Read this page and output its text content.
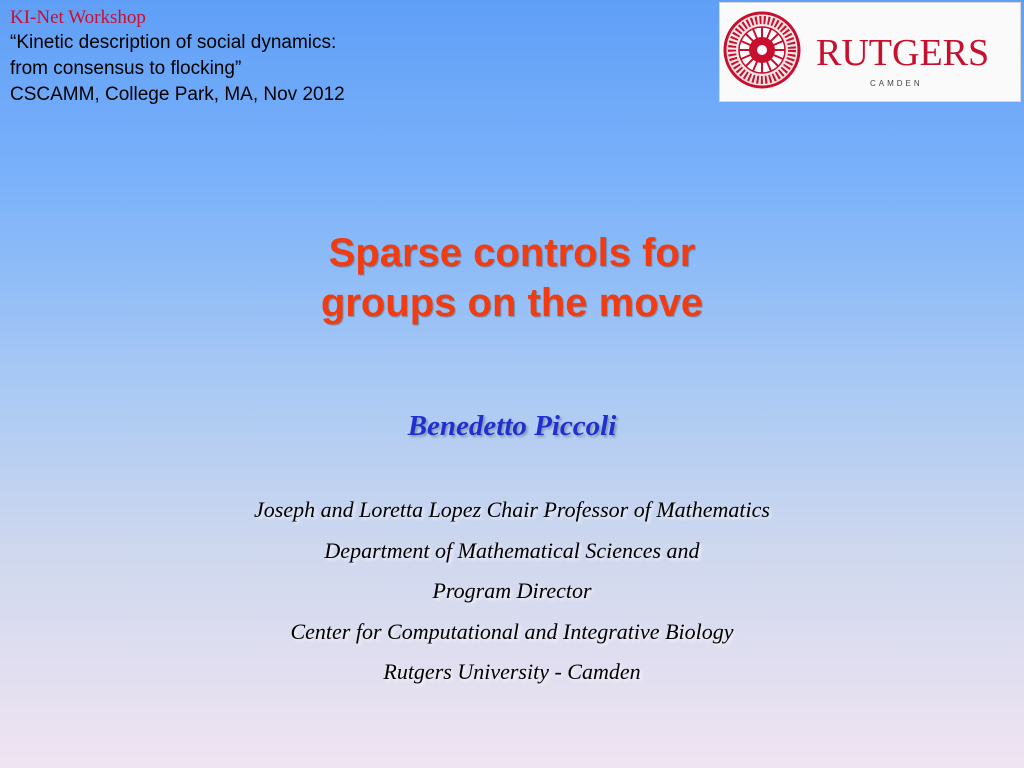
KI-Net Workshop

“Kinetic description of social dynamics:

from consensus to flocking”

CSCAMM, College Park, MA, Nov 2012

RUTGERS
CAMDEN
Sparse controls for
groups on the move
Benedetto Piccoli
Joseph and Loretta Lopez Chair Professor of Mathematics
Department of Mathematical Sciences and
Program Director
Center for Computational and Integrative Biology
Rutgers University - Camden
